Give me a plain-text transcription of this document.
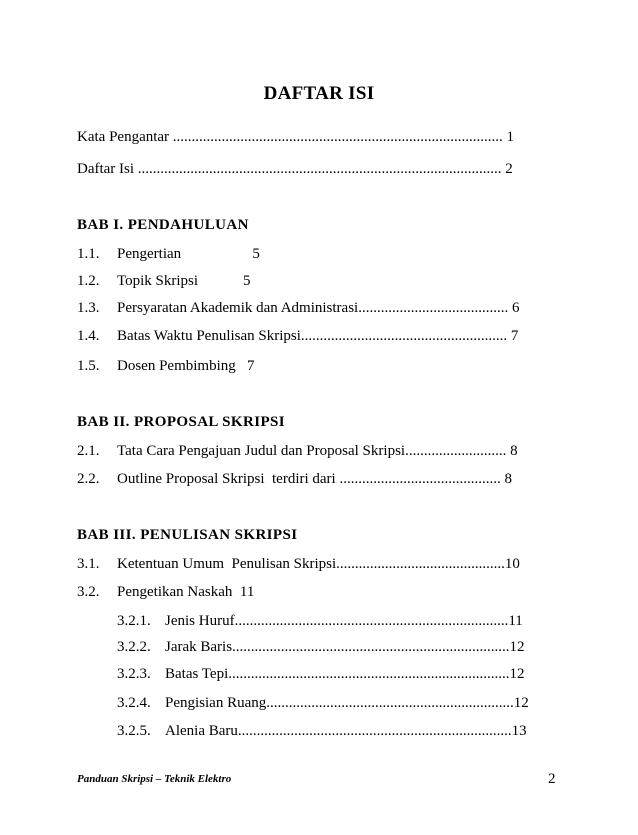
DAFTAR ISI
Kata Pengantar ........................................................................................ 1
Daftar Isi ................................................................................................. 2
BAB I. PENDAHULUAN
1.1. Pengertian                   5
1.2. Topik Skripsi            5
1.3. Persyaratan Akademik dan Administrasi........................................ 6
1.4. Batas Waktu Penulisan Skripsi....................................................... 7
1.5. Dosen Pembimbing   7
BAB II. PROPOSAL SKRIPSI
2.1. Tata Cara Pengajuan Judul dan Proposal Skripsi........................... 8
2.2. Outline Proposal Skripsi  terdiri dari ........................................... 8
BAB III. PENULISAN SKRIPSI
3.1. Ketentuan Umum  Penulisan Skripsi.............................................10
3.2. Pengetikan Naskah  11
3.2.1. Jenis Huruf.........................................................................11
3.2.2. Jarak Baris..........................................................................12
3.2.3. Batas Tepi...........................................................................12
3.2.4. Pengisian Ruang..................................................................12
3.2.5. Alenia Baru.........................................................................13
Panduan Skripsi – Teknik Elektro	2
